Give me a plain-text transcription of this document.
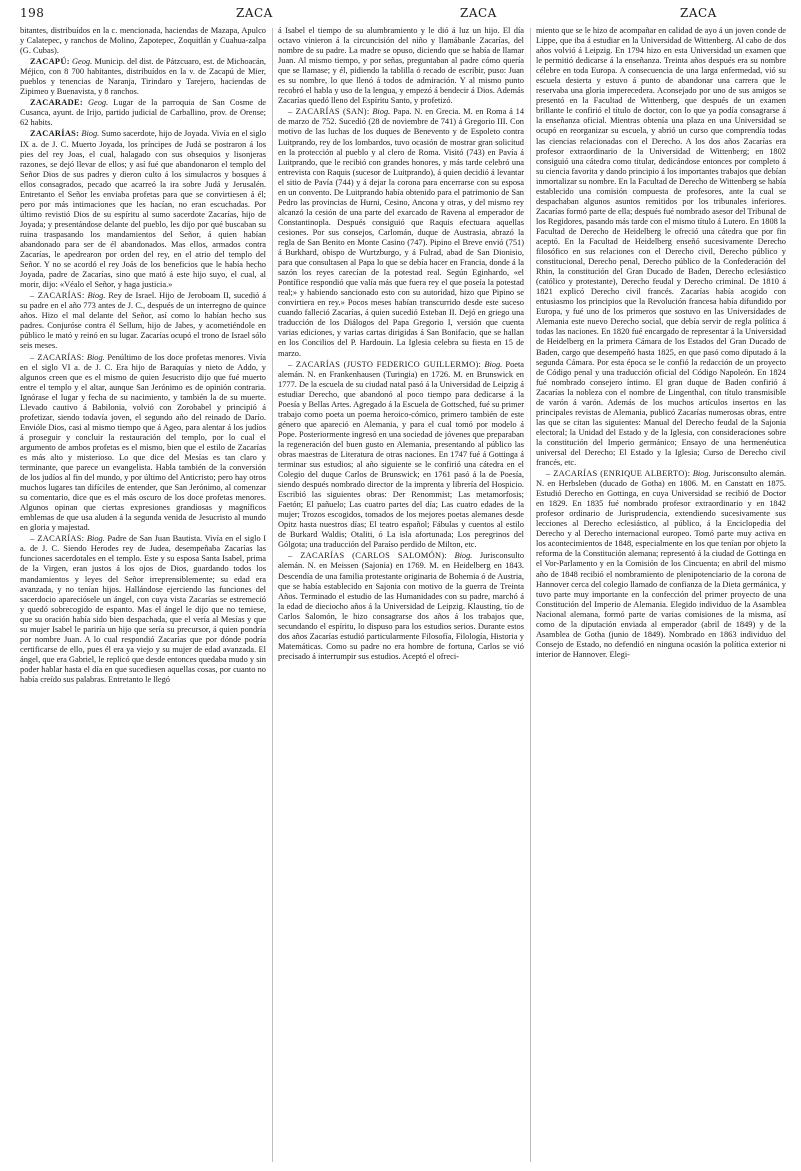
198	ZACA	ZACA	ZACA

bitantes, distribuídos en la c. mencionada, haciendas de Mazapa, Apulco y Calatepec, y ranchos de Molino, Zapotepec, Zoquitlán y Cuahua-zalpa (G. Cubas).

ZACAPÚ: Geog. Municip. del dist. de Pátzcuaro, est. de Michoacán, Méjico, con 8 700 habitantes, distribuídos en la v. de Zacapú de Mier, pueblos y tenencias de Naranja, Tirindaro y Tarejero, haciendas de Zipimeo y Buenavista, y 8 ranchos.

ZACARADE: Geog. Lugar de la parroquia de San Cosme de Cusanca, ayunt. de Irijo, partido judicial de Carballino, prov. de Orense; 62 habits.

ZACARÍAS: Biog. Sumo sacerdote, hijo de Joyada. Vivía en el siglo IX a. de J. C. Muerto Joyada, los príncipes de Judá se postraron á los pies del rey Joas, el cual, halagado con sus obsequios y lisonjeras razones, se dejó llevar de ellos; y así fué que abandonaron el templo del Señor Dios de sus padres y dieron culto á los simulacros y bosques á ellos consagrados, pecado que acarreó la ira sobre Judá y Jerusalén. Entretanto el Señor les enviaba profetas para que se convirtiesen á él; pero por más intimaciones que les hacían, no eran escuchadas. Por último revistió Dios de su espíritu al sumo sacerdote Zacarías, hijo de Joyada; y presentándose delante del pueblo, les dijo por qué buscaban su ruina traspasando los mandamientos del Señor, á quien habían abandonado para ser de él abandonados. Mas ellos, armados contra Zacarías, le apedrearon por orden del rey, en el atrio del templo del Señor. Y no se acordó el rey Joás de los beneficios que le había hecho Joyada, padre de Zacarías, sino que mató á este hijo suyo, el cual, al morir, dijo: «Véalo el Señor, y haga justicia.»

– ZACARÍAS: Biog. Rey de Israel. Hijo de Jeroboam II, sucedió á su padre en el año 773 antes de J. C., después de un interregno de quince años. Hizo el mal delante del Señor, así como lo habían hecho sus padres. Conjuróse contra él Sellum, hijo de Jabes, y acometiéndole en público le mató y reinó en su lugar. Zacarías ocupó el trono de Israel sólo seis meses.

– ZACARÍAS: Biog. Penúltimo de los doce profetas menores. Vivía en el siglo VI a. de J. C. Era hijo de Baraquías y nieto de Addo, y algunos creen que es el mismo de quien Jesucristo dijo que fué muerto entre el templo y el altar, aunque San Jerónimo es de opinión contraria. Ignórase el lugar y fecha de su nacimiento, y también la de su muerte. Llevado cautivo á Babilonia, volvió con Zorobabel y principió á profetizar, siendo todavía joven, el segundo año del reinado de Darío. Envióle Dios, casi al mismo tiempo que á Ageo, para alentar á los judíos á proseguir y concluir la restauración del templo, por lo cual el argumento de ambos profetas es el mismo, bien que el estilo de Zacarías es más alto y misterioso. Lo que dice del Mesías es tan claro y terminante, que parece un evangelista. Habla también de la conversión de los judíos al fin del mundo, y por último del Anticristo; pero hay otros muchos lugares tan difíciles de entender, que San Jerónimo, al comenzar su comentario, dice que es el más oscuro de los doce profetas menores. Algunos opinan que ciertas expresiones grandiosas y magníficos emblemas de que usa aluden á la segunda venida de Jesucristo al mundo en gloria y majestad.

– ZACARÍAS: Biog. Padre de San Juan Bautista. Vivía en el siglo I a. de J. C. Siendo Herodes rey de Judea, desempeñaba Zacarías las funciones sacerdotales en el templo. Este y su esposa Santa Isabel, prima de la Virgen, eran justos á los ojos de Dios, guardando todos los mandamientos y leyes del Señor irreprensiblemente; su edad era avanzada, y no tenían hijos. Hallándose ejerciendo las funciones del sacerdocio apareciósele un ángel, con cuya vista Zacarías se estremeció y quedó sobrecogido de espanto. Mas el ángel le dijo que no temiese, que su oración había sido bien despachada, que el vería al Mesías y que su mujer Isabel le pariría un hijo que sería su precursor, á quien pondría por nombre Juan. A lo cual respondió Zacarías que por dónde podría certificarse de ello, pues él era ya viejo y su mujer de edad avanzada. El ángel, que era Gabriel, le replicó que desde entonces quedaba mudo y sin poder hablar hasta el día en que sucediesen aquellas cosas, por cuanto no había creído sus palabras. Entretanto le llegó

á Isabel el tiempo de su alumbramiento y le dió á luz un hijo. El día octavo vinieron á la circuncisión del niño y llamábanle Zacarías, del nombre de su padre. La madre se opuso, diciendo que se había de llamar Juan. Al mismo tiempo, y por señas, preguntaban al padre cómo quería que se llamase; y él, pidiendo la tablilla ó recado de escribir, puso: Juan es su nombre, lo que llenó á todos de admiración. Y al mismo punto recobró el habla y uso de la lengua, y empezó á bendecir á Dios. Además Zacarías quedó lleno del Espíritu Santo, y profetizó.

– ZACARÍAS (SAN): Biog. Papa. N. en Grecia. M. en Roma á 14 de marzo de 752. Sucedió (28 de noviembre de 741) á Gregorio III. Con motivo de las luchas de los duques de Benevento y de Espoleto contra Luitprando, rey de los lombardos, tuvo ocasión de mostrar gran solicitud en la protección al pueblo y al clero de Roma. Visitó (743) en Pavía á Luitprando, que le recibió con grandes honores, y más tarde celebró una entrevista con Raquis (sucesor de Luitprando), á quien decidió á levantar el sitio de Pavía (744) y á dejar la corona para encerrarse con su esposa en un convento. De Luitprando había obtenido para el patrimonio de San Pedro las provincias de Hurni, Cesino, Ancona y otras, y del mismo rey alcanzó la cesión de una parte del exarcado de Ravena al emperador de Constantinopla. Después consiguió que Raquis efectuara aquellas cesiones. Por sus consejos, Carlomán, duque de Austrasia, abrazó la regla de San Benito en Monte Casino (747). Pipino el Breve envió (751) á Burkhard, obispo de Wurtzburgo, y á Fulrad, abad de San Dionisio, para que consultasen al Papa lo que se debía hacer en Francia, donde á la sazón los reyes carecían de la potestad real. Según Eginhardo, «el Pontífice respondió que valía más que fuera rey el que poseía la potestad real;» y habiendo sancionado esto con su autoridad, hizo que Pipino se convirtiera en rey.» Pocos meses habían transcurrido desde este suceso cuando falleció Zacarías, á quien sucedió Esteban II. Dejó en griego una traducción de los Diálogos del Papa Gregorio I, versión que cuenta varias ediciones, y varias cartas dirigidas á San Bonifacio, que se hallan en los Concilios del P. Hardouin. La Iglesia celebra su fiesta en 15 de marzo.

– ZACARÍAS (JUSTO FEDERICO GUILLERMO): Biog. Poeta alemán. N. en Frankenhausen (Turingia) en 1726. M. en Brunswick en 1777. De la escuela de su ciudad natal pasó á la Universidad de Leipzig á estudiar Derecho, que abandonó al poco tiempo para dedicarse á la Poesía y Bellas Artes. Agregado á la Escuela de Gottsched, fué su primer trabajo como poeta un poema heroico-cómico, primero también de este género que apareció en Alemania, y para el cual tomó por modelo á Pope. Posteriormente ingresó en una sociedad de jóvenes que preparaban la regeneración del buen gusto en Alemania, presentando al público las obras maestras de Literatura de otras naciones. En 1747 fué á Gottinga á terminar sus estudios; al año siguiente se le confirió una cátedra en el Colegio del duque Carlos de Brunswick; en 1761 pasó á la de Poesía, siendo después nombrado director de la imprenta y librería del Hospicio. Escribió las siguientes obras: Der Renommist; Las metamorfosis; Faetón; El pañuelo; Las cuatro partes del día; Las cuatro edades de la mujer; Trozos escogidos, tomados de los mejores poetas alemanes desde Opitz hasta nuestros días; El teatro español; Fábulas y cuentos al estilo de Burkard Waldis; Otaliti, ó La isla afortunada; Los peregrinos del Gólgota; una traducción del Paraíso perdido de Milton, etc.

– ZACARÍAS (CARLOS SALOMÓN): Biog. Jurisconsulto alemán. N. en Meissen (Sajonia) en 1769. M. en Heidelberg en 1843. Descendía de una familia protestante originaria de Bohemia ó de Austria, que se había establecido en Sajonia con motivo de la guerra de Treinta Años. Terminado el estudio de las Humanidades con su padre, marchó á la edad de dieciocho años á la Universidad de Leipzig. Klausting, tío de Carlos Salomón, le hizo consagrarse dos años á los trabajos que, secundando el espíritu, lo dispuso para los estudios serios. Durante estos dos años Zacarías estudió particularmente Filosofía, Filología, Historia y Matemáticas. Como su padre no era hombre de fortuna, Carlos se vió precisado á interrumpir sus estudios. Aceptó el ofreci-

miento que se le hizo de acompañar en calidad de ayo á un joven conde de Lippe, que iba á estudiar en la Universidad de Wittenberg. Al cabo de dos años volvió á Leipzig. En 1794 hizo en esta Universidad un examen que le permitió dedicarse á la enseñanza. Treinta años después era su nombre célebre en toda Europa. A consecuencia de una larga enfermedad, vió su escuela desierta y estuvo á punto de abandonar una carrera que le reservaba una gloria imperecedera. Aconsejado por uno de sus amigos se presentó en la Facultad de Wittenberg, que después de un examen brillante le confirió el título de doctor, con lo que ya podía consagrarse á la enseñanza oficial. Mientras obtenía una plaza en una Universidad se ocupó en reorganizar su escuela, y abrió un curso que comprendía todas las ciencias relacionadas con el Derecho. A los dos años Zacarías era profesor extraordinario de la Universidad de Wittenberg; en 1802 consiguió una cátedra como titular, dedicándose entonces por completo á su ciencia favorita y dando principio á los importantes trabajos que debían inmortalizar su nombre. En la Facultad de Derecho de Wittenberg se había establecido una comisión compuesta de profesores, ante la cual se despachaban algunos asuntos remitidos por los tribunales inferiores. Zacarías formó parte de ella; después fué nombrado asesor del Tribunal de los Regidores, pasando más tarde con el mismo título á Lutero. En 1808 la Facultad de Derecho de Heidelberg le ofreció una cátedra que por fin aceptó. En la Facultad de Heidelberg enseñó sucesivamente Derecho filosófico en sus relaciones con el Derecho civil, Derecho público y constitucional, Derecho penal, Derecho público de la Confederación del Rhin, la constitución del Gran Ducado de Baden, Derecho eclesiástico (católico y protestante), Derecho feudal y Derecho criminal. De 1810 á 1821 explicó Derecho civil francés. Zacarías había acogido con entusiasmo los principios que la Revolución francesa había difundido por Europa, y fué uno de los primeros que sostuvo en las Universidades de Alemania este nuevo Derecho social, que debía servir de regla política á todas las naciones. En 1820 fué encargado de representar á la Universidad de Heidelberg en la primera Cámara de los Estados del Gran Ducado de Baden, cargo que desempeñó hasta 1825, en que pasó como diputado á la segunda Cámara. Por esta época se le confió la redacción de un proyecto de Código penal y una traducción oficial del Código Napoleón. En 1824 fué nombrado consejero íntimo. El gran duque de Baden confirió á Zacarías la nobleza con el nombre de Lingenthal, con título transmisible de varón á varón. Además de los muchos artículos insertos en las principales revistas de Alemania, publicó Zacarías numerosas obras, entre las que se citan las siguientes: Manual del Derecho feudal de la Sajonia electoral; la Unidad del Estado y de la Iglesia, con consideraciones sobre la constitución del Imperio germánico; Ensayo de una hermenéutica universal del Derecho; El Estado y la Iglesia; Curso de Derecho civil francés, etc.

– ZACARÍAS (ENRIQUE ALBERTO): Biog. Jurisconsulto alemán. N. en Herbsleben (ducado de Gotha) en 1806. M. en Canstatt en 1875. Estudió Derecho en Gottinga, en cuya Universidad se recibió de Doctor en 1829. En 1835 fué nombrado profesor extraordinario y en 1842 profesor ordinario de Jurisprudencia, extendiendo sucesivamente sus lecciones al Derecho eclesiástico, al público, á la Enciclopedia del Derecho y al Derecho internacional europeo. Tomó parte muy activa en los acontecimientos de 1848, especialmente en los que tenían por objeto la reforma de la Constitución alemana; representó á la ciudad de Gottinga en el Vor-Parlamento y en la Comisión de los Cincuenta; en abril del mismo año de 1848 recibió el nombramiento de plenipotenciario de la corona de Hannover cerca del colegio llamado de confianza de la Dieta germánica, y tuvo parte muy importante en la confección del primer proyecto de una Constitución del Imperio de Alemania. Elegido individuo de la Asamblea Nacional alemana, formó parte de varias comisiones de la misma, así como de la diputación enviada al emperador (abril de 1849) y de la Asamblea de Gotha (junio de 1849). Nombrado en 1863 individuo del Consejo de Estado, no defendió en ninguna ocasión la política exterior ni interior de Hannover. Elegi-
